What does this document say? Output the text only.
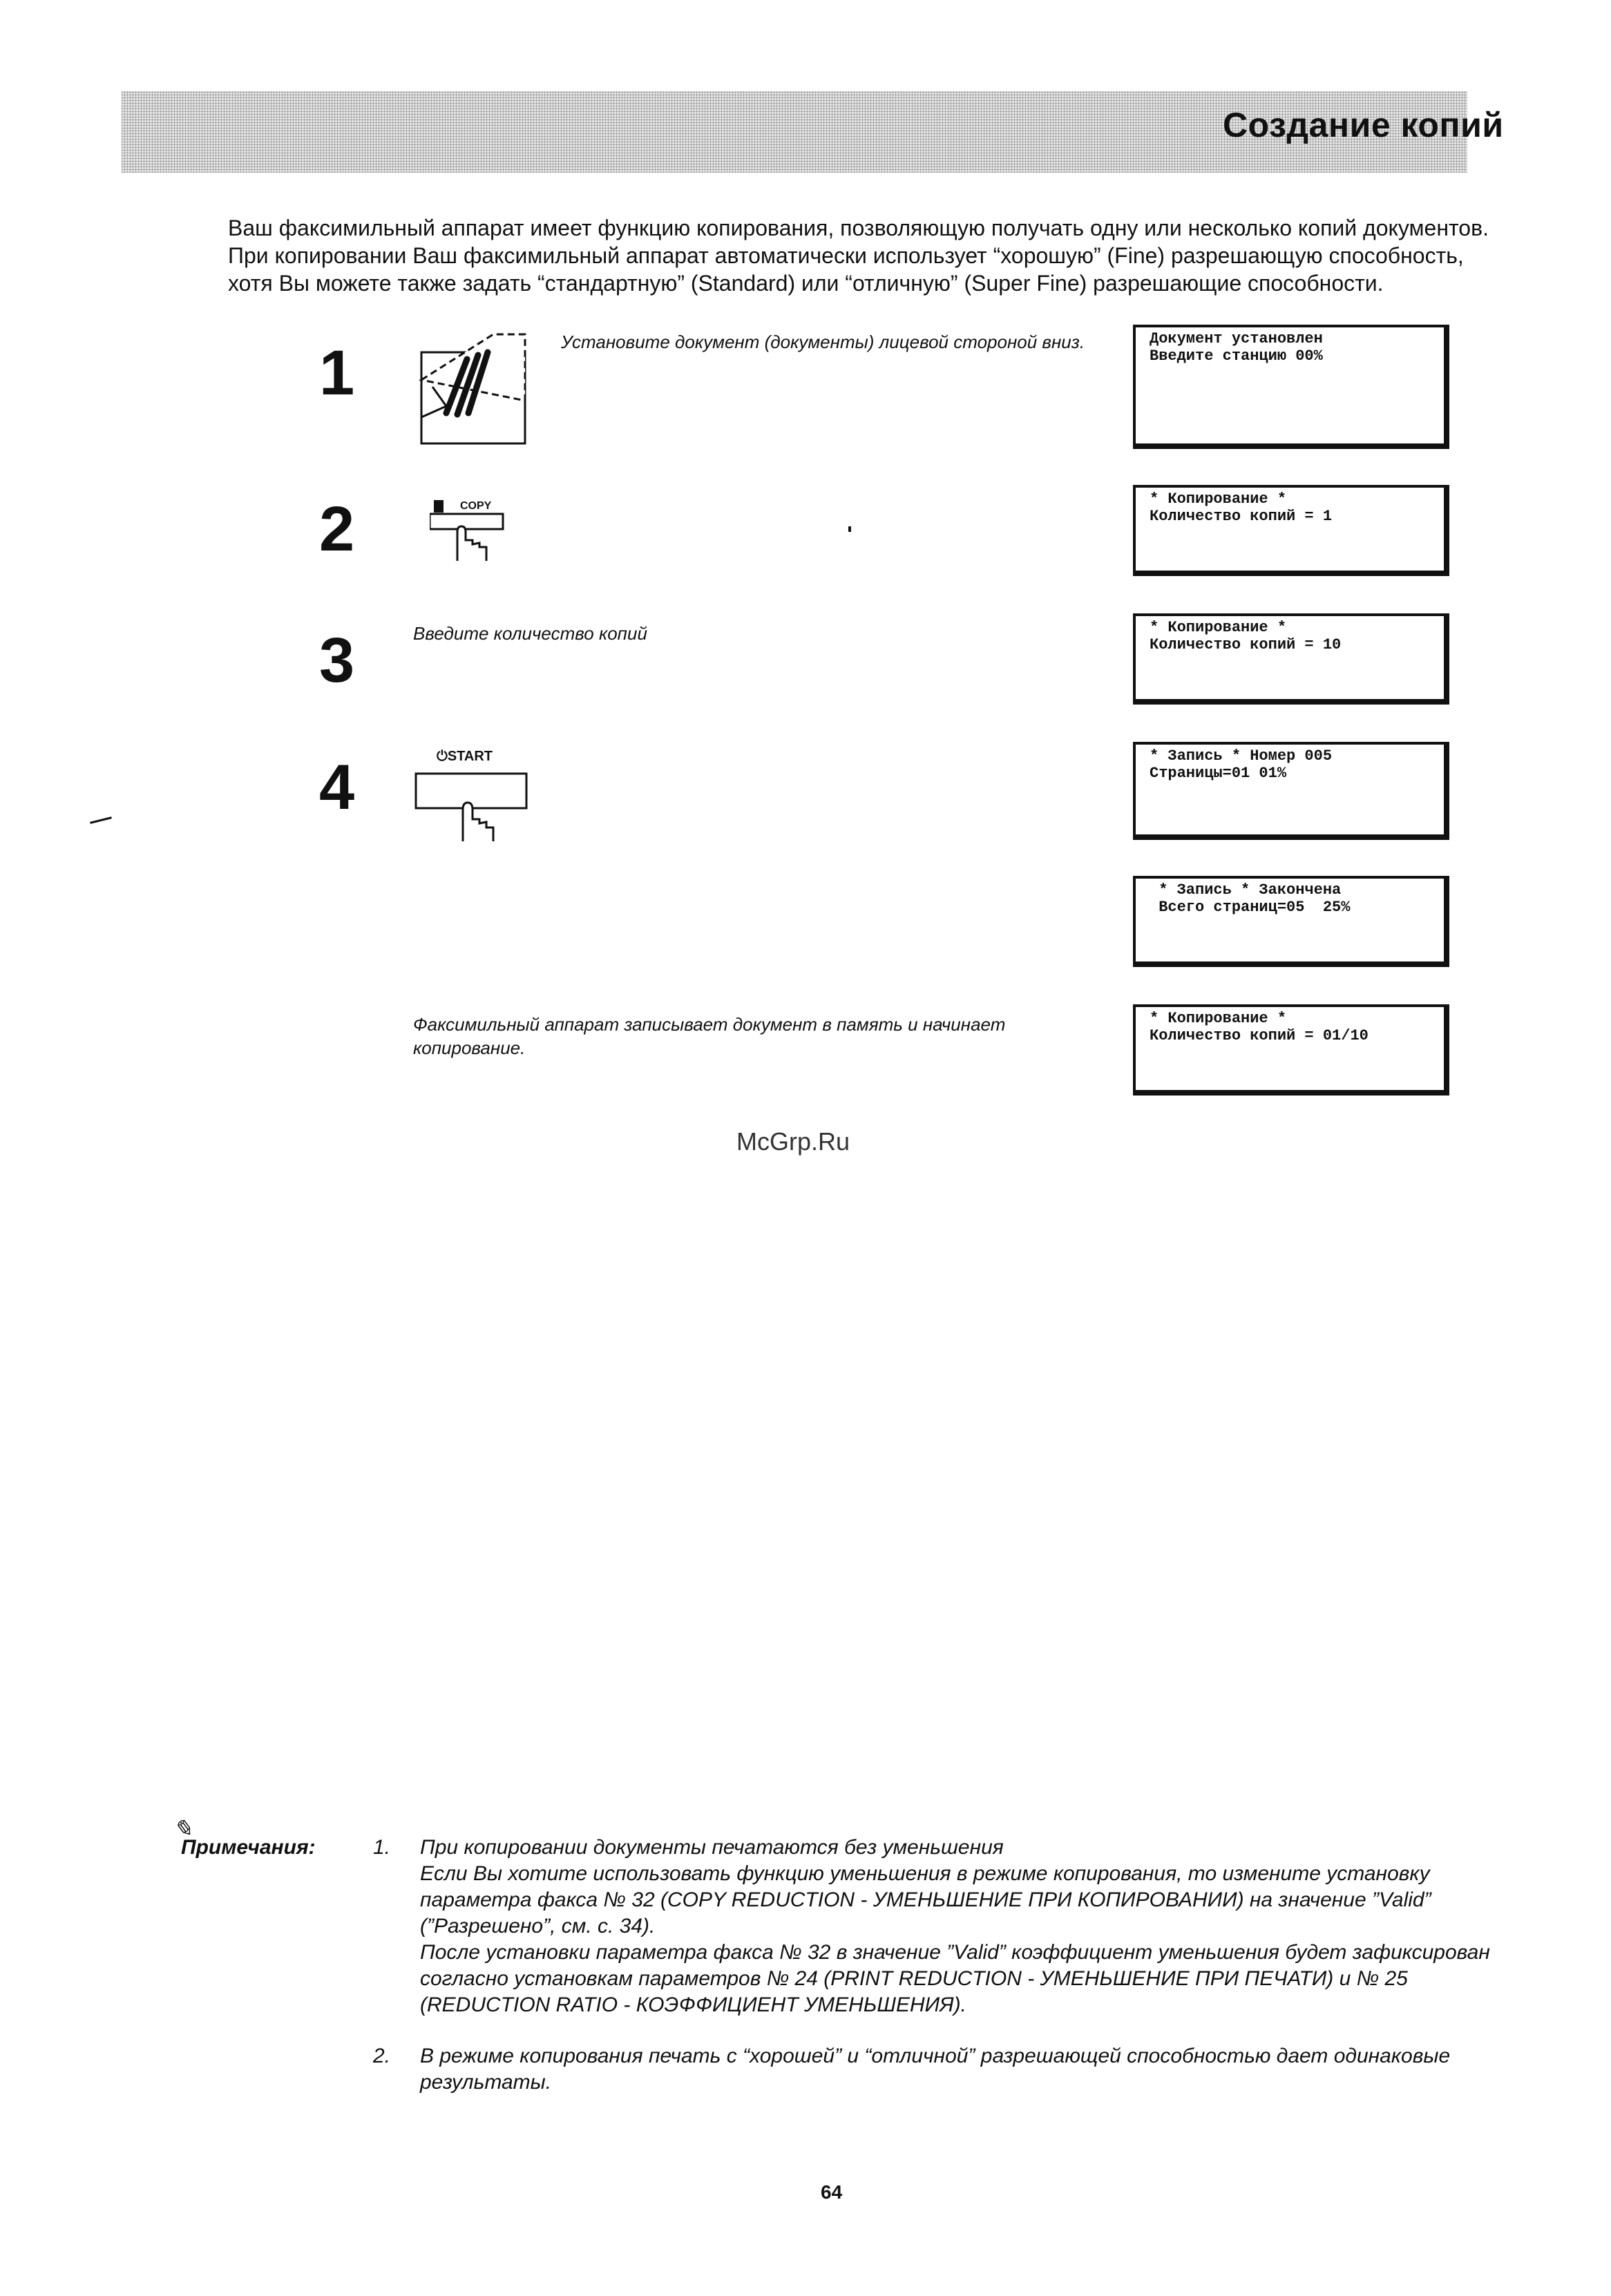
Создание копий
Ваш факсимильный аппарат имеет функцию копирования, позволяющую получать одну или несколько копий документов. При копировании Ваш факсимильный аппарат автоматически использует “хорошую” (Fine) разрешающую способность, хотя Вы можете также задать “стандартную” (Standard) или “отличную” (Super Fine) разрешающие способности.
1	Установите документ (документы) лицевой стороной вниз.
2	COPY
3	Введите количество копий
4	⏻START
Факсимильный аппарат записывает документ в память и начинает копирование.
Документ установлен
Введите станцию 00%
* Копирование *
Количество копий = 1
* Копирование *
Количество копий = 10
* Запись * Номер 005
Страницы=01 01%
* Запись * Закончена
Всего страниц=05  25%
* Копирование *
Количество копий = 01/10
McGrp.Ru
✎
Примечания:	1. При копировании документы печатаются без уменьшения
Если Вы хотите использовать функцию уменьшения в режиме копирования, то измените установку параметра факса № 32 (COPY REDUCTION - УМЕНЬШЕНИЕ ПРИ КОПИРОВАНИИ) на значение ”Valid” (”Разрешено”, см. с. 34).
После установки параметра факса № 32 в значение ”Valid” коэффициент уменьшения будет зафиксирован согласно установкам параметров № 24 (PRINT REDUCTION - УМЕНЬШЕНИЕ ПРИ ПЕЧАТИ) и № 25 (REDUCTION RATIO - КОЭФФИЦИЕНТ УМЕНЬШЕНИЯ).
2. В режиме копирования печать с “хорошей” и “отличной” разрешающей способностью дает одинаковые результаты.
64
